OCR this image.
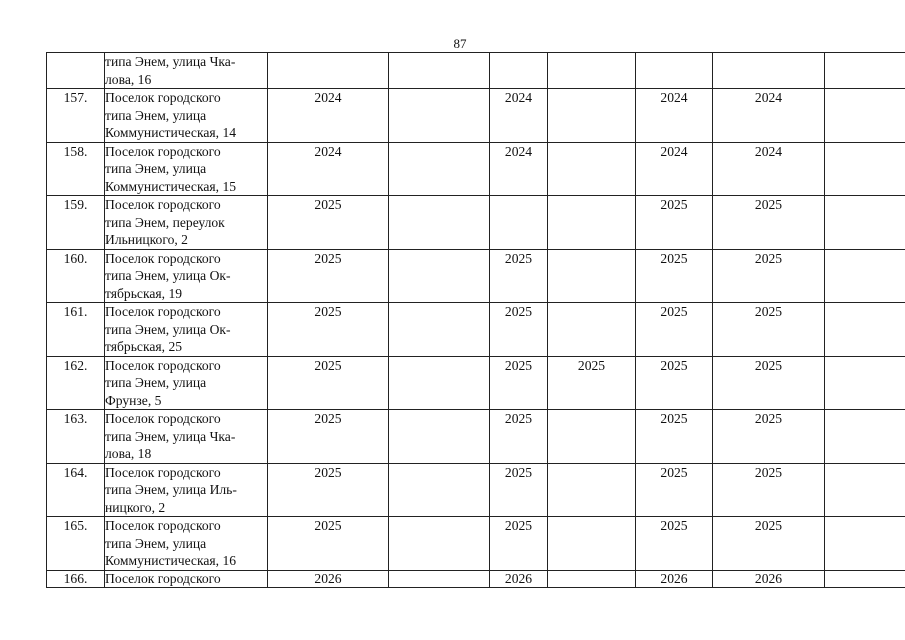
87

	типа Энем, улица Чка-
лова, 16							

157.	Поселок городского
типа Энем, улица
Коммунистическая, 14	2024		2024		2024	2024	
158.	Поселок городского
типа Энем, улица
Коммунистическая, 15	2024		2024		2024	2024	
159.	Поселок городского
типа Энем, переулок
Ильницкого, 2	2025				2025	2025	
160.	Поселок городского
типа Энем, улица Ок-
тябрьская, 19	2025		2025		2025	2025	
161.	Поселок городского
типа Энем, улица Ок-
тябрьская, 25	2025		2025		2025	2025	
162.	Поселок городского
типа Энем, улица
Фрунзе, 5	2025		2025	2025	2025	2025	
163.	Поселок городского
типа Энем, улица Чка-
лова, 18	2025		2025		2025	2025	
164.	Поселок городского
типа Энем, улица Иль-
ницкого, 2	2025		2025		2025	2025	
165.	Поселок городского
типа Энем, улица
Коммунистическая, 16	2025		2025		2025	2025	
166.	Поселок городского	2026		2026		2026	2026	
